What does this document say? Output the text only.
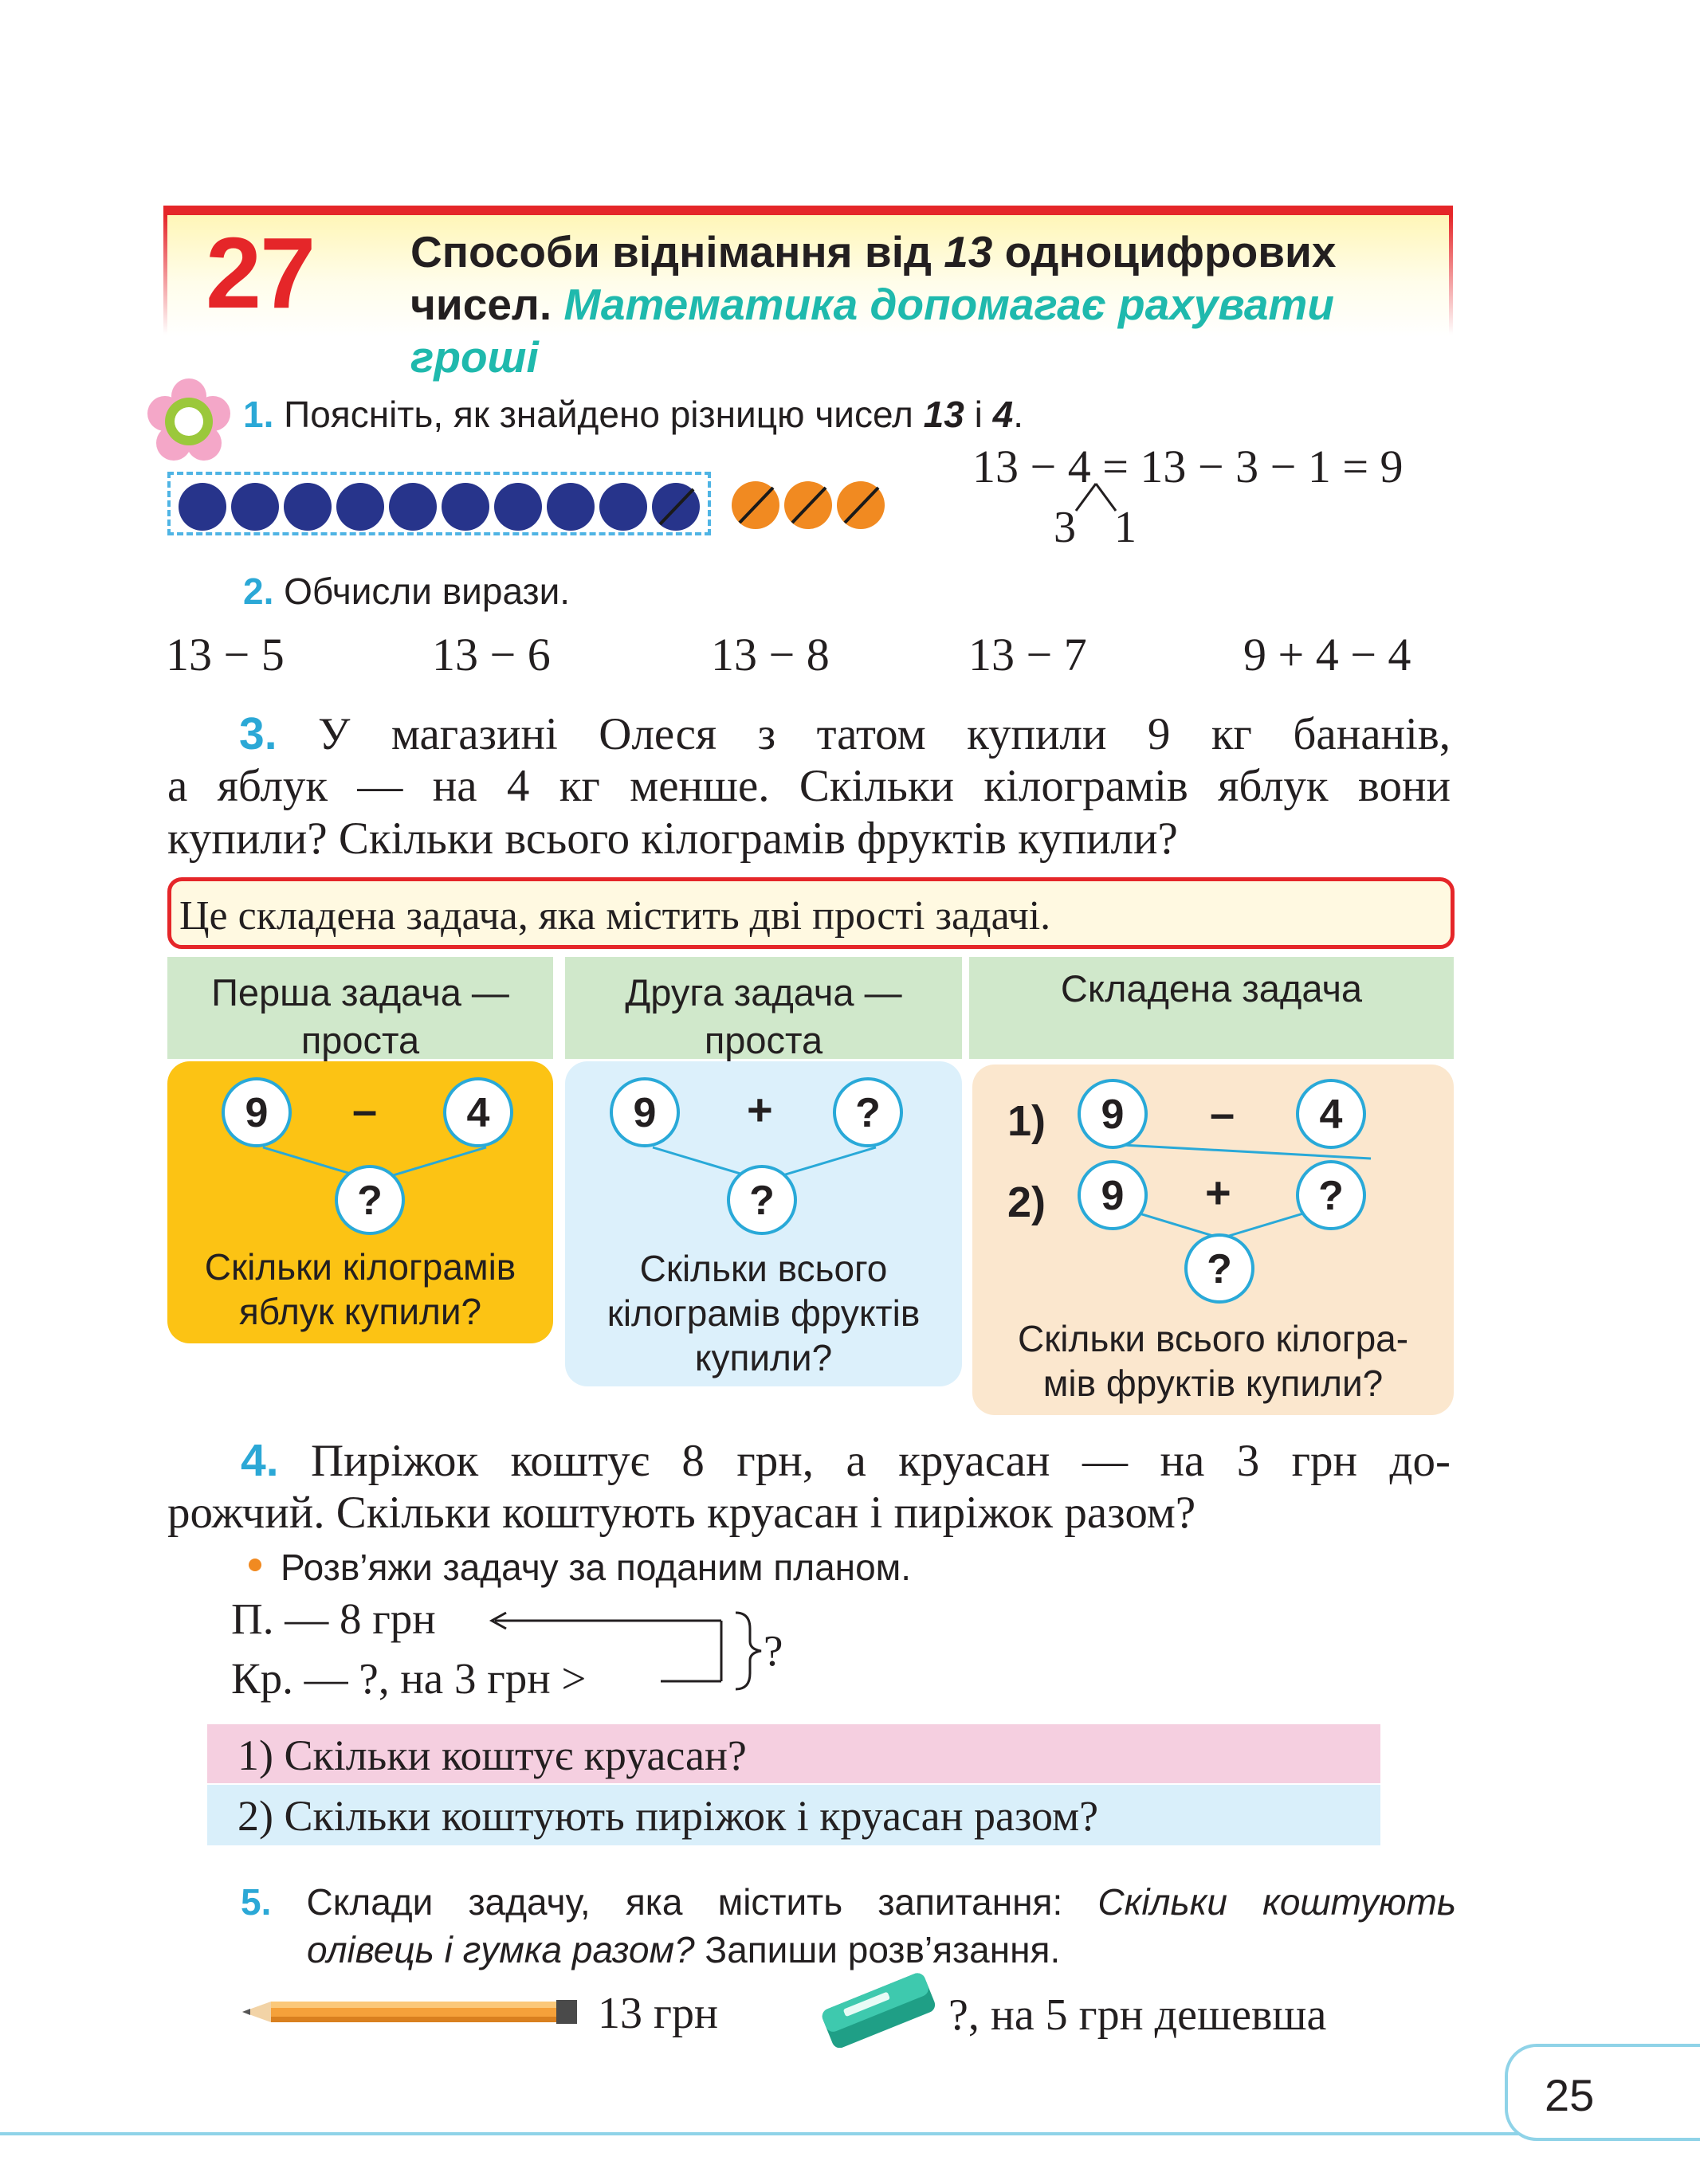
27 Способи віднімання від 13 одноцифрових чисел. Математика допомагає рахувати гроші
1. Поясніть, як знайдено різницю чисел 13 і 4.
13 − 4 = 13 − 3 − 1 = 9
3 1
2. Обчисли вирази.
13 − 5	13 − 6	13 − 8	13 − 7	9 + 4 − 4
3. У магазині Олеся з татом купили 9 кг бананів,
а яблук — на 4 кг менше. Скільки кілограмів яблук вони
купили? Скільки всього кілограмів фруктів купили?
Це складена задача, яка містить дві прості задачі.
Перша задача —
проста
Друга задача —
проста
Складена задача
9	–	4
?
Скільки кілограмів
яблук купили?
9	+	?
?
Скільки всього
кілограмів фруктів
купили?
1)	9	–	4
2)	9	+	?
?
Скільки всього кілогра-
мів фруктів купили?
4. Пиріжок коштує 8 грн, а круасан — на 3 грн до-
рожчий. Скільки коштують круасан і пиріжок разом?
Розв’яжи задачу за поданим планом.
П. — 8 грн
Кр. — ?, на 3 грн >
?
1) Скільки коштує круасан?
2) Скільки коштують пиріжок і круасан разом?
5. Склади задачу, яка містить запитання: Скільки коштують
олівець і гумка разом? Запиши розв’язання.
13 грн	?, на 5 грн дешевша
25
